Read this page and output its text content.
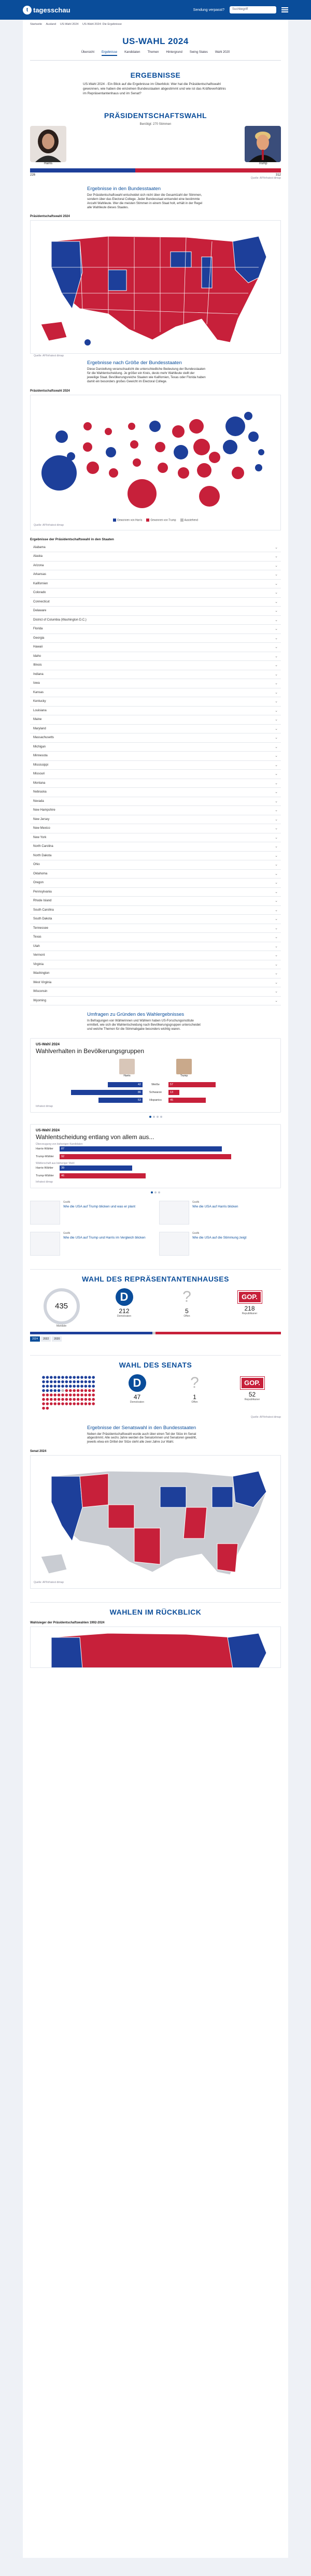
t tagesschau	Sendung verpasst?	Suchbegriff
Startseite Ausland US-Wahl 2024 US-Wahl 2024: Die Ergebnisse
US-WAHL 2024
Übersicht Ergebnisse Kandidaten Themen Hintergrund Swing States Wahl 2020
ERGEBNISSE

US-Wahl 2024 - Ein Blick auf die Ergebnisse im Überblick: Wer hat die Präsidentschaftswahl gewonnen, wie haben die einzelnen Bundesstaaten abgestimmt und wie ist das Kräfteverhältnis im Repräsentantenhaus und im Senat?

PRÄSIDENTSCHAFTSWAHL
Benötigt: 270 Stimmen
Harris	Trump
226	312
Quelle: AP/Infratest dimap
Ergebnisse in den Bundesstaaten

Der Präsidentschaftswahl entscheidet sich nicht über die Gesamtzahl der Stimmen, sondern über das Electoral College. Jeder Bundesstaat entsendet eine bestimmte Anzahl Wahlleute. Wer die meisten Stimmen in einem Staat holt, erhält in der Regel alle Wahlleute dieses Staates.

Präsidentschaftswahl 2024
Quelle: AP/Infratest dimap
Ergebnisse nach Größe der Bundesstaaten

Diese Darstellung veranschaulicht die unterschiedliche Bedeutung der Bundesstaaten für die Wahlentscheidung. Je größer ein Kreis, desto mehr Wahlleute stellt der jeweilige Staat. Bevölkerungsreiche Staaten wie Kalifornien, Texas oder Florida haben damit ein besonders großes Gewicht im Electoral College.

Präsidentschaftswahl 2024
Gewonnen von Harris	Gewonnen von Trump	Ausstehend
Quelle: AP/Infratest dimap
Ergebnisse der Präsidentschaftswahl in den Staaten
Alabama	⌄
Alaska	⌄
Arizona	⌄
Arkansas	⌄
Kalifornien	⌄
Colorado	⌄
Connecticut	⌄
Delaware	⌄
District of Columbia (Washington D.C.)	⌄
Florida	⌄
Georgia	⌄
Hawaii	⌄
Idaho	⌄
Illinois	⌄
Indiana	⌄
Iowa	⌄
Kansas	⌄
Kentucky	⌄
Louisiana	⌄
Maine	⌄
Maryland	⌄
Massachusetts	⌄
Michigan	⌄
Minnesota	⌄
Mississippi	⌄
Missouri	⌄
Montana	⌄
Nebraska	⌄
Nevada	⌄
New Hampshire	⌄
New Jersey	⌄
New Mexico	⌄
New York	⌄
North Carolina	⌄
North Dakota	⌄
Ohio	⌄
Oklahoma	⌄
Oregon	⌄
Pennsylvania	⌄
Rhode Island	⌄
South Carolina	⌄
South Dakota	⌄
Tennessee	⌄
Texas	⌄
Utah	⌄
Vermont	⌄
Virginia	⌄
Washington	⌄
West Virginia	⌄
Wisconsin	⌄
Wyoming	⌄
Umfragen zu Gründen des Wahlergebnisses

In Befragungen von Wählerinnen und Wählern haben US-Forschungsinstitute ermittelt, wie sich die Wahlentscheidung nach Bevölkerungsgruppen unterscheidet und welche Themen für die Stimmabgabe besonders wichtig waren.

US-Wahl 2024
Wahlverhalten in Bevölkerungsgruppen
Harris	Trump
42	Weiße	57
86	Schwarze	13
53	Hispanics	45
Infratest dimap
US-Wahl 2024
Wahlentscheidung entlang von allem aus...
Überzeugung von bisherigen Kandidaten
Harris-Wähler	87
Trump-Wähler	92
Wählerschaft aus bisheriger Wahl
Harris-Wähler	39
Trump-Wähler	46
Infratest dimap
Grafik
Wie die USA auf Trump blicken und was er plant
Grafik
Wie die USA auf Harris blicken
Grafik
Wie die USA auf Trump und Harris im Vergleich blicken
Grafik
Wie die USA auf die Stimmung zeigt
WAHL DES REPRÄSENTANTENHAUSES
435
Mandate
D
212
Demokraten
?
5
Offen
GOP.
218
Republikaner
2024	2022	2020
WAHL DES SENATS
D
47
Demokraten
?
1
Offen
GOP.
52
Republikaner
Quelle: AP/Infratest dimap
Ergebnisse der Senatswahl in den Bundesstaaten

Neben der Präsidentschaftswahl wurde auch über einen Teil der Sitze im Senat abgestimmt. Alle sechs Jahre werden die Senatorinnen und Senatoren gewählt, jeweils etwa ein Drittel der Sitze steht alle zwei Jahre zur Wahl.

Senat 2024
Quelle: AP/Infratest dimap
WAHLEN IM RÜCKBLICK
Wahlsieger der Präsidentschaftswahlen 1992-2024
